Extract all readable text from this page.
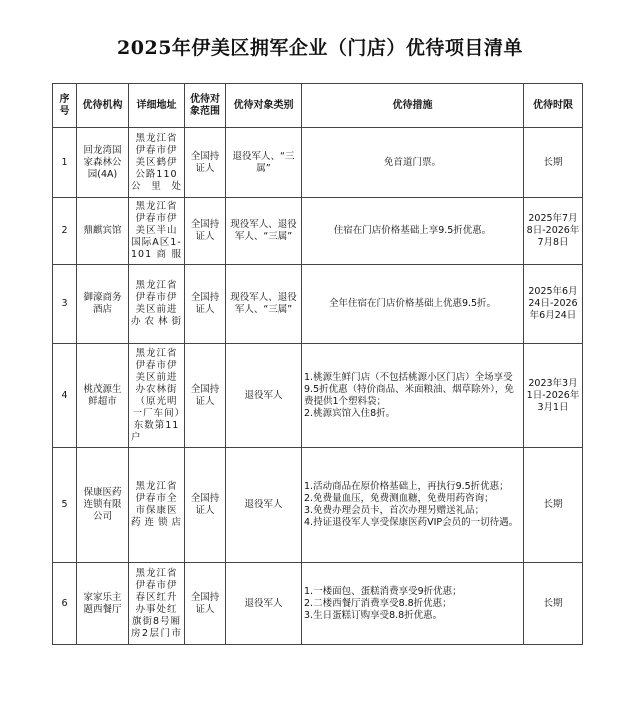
2025年伊美区拥军企业（门店）优待项目清单
序号	优待机构	详细地址	优待对象范围	优待对象类别	优待措施	优待时限
1	回龙湾国家森林公园(4A)	黑龙江省伊春市伊美区鹤伊公路110公里处	全国持证人	退役军人、“三属”	免首道门票。	长期
2	鼎麒宾馆	黑龙江省伊春市伊美区半山国际A区1-101商服	全国持证人	现役军人、退役军人、“三属”	住宿在门店价格基础上享9.5折优惠。	2025年7月8日-2026年7月8日
3	御濠商务酒店	黑龙江省伊春市伊美区前进办农林街	全国持证人	现役军人、退役军人、“三属”	全年住宿在门店价格基础上优惠9.5折。	2025年6月24日-2026年6月24日
4	桃茂源生鲜超市	黑龙江省伊春市伊美区前进办农林街（原光明一厂车间）东数第11户	全国持证人	退役军人	1.桃源生鲜门店（不包括桃源小区门店）全场享受9.5折优惠（特价商品、米面粮油、烟草除外），免费提供1个塑料袋；
2.桃源宾馆入住8折。	2023年3月1日-2026年3月1日
5	保康医药连锁有限公司	黑龙江省伊春市全市保康医药连锁店	全国持证人	退役军人	1.活动商品在原价格基础上，再执行9.5折优惠；
2.免费量血压，免费测血糖，免费用药咨询；
3.免费办理会员卡，首次办理另赠送礼品；
4.持证退役军人享受保康医药VIP会员的一切待遇。	长期
6	家家乐主题西餐厅	黑龙江省伊春市伊春区红升办事处红旗街8号厢房2层门市	全国持证人	退役军人	1.一楼面包、蛋糕消费享受9折优惠；
2.二楼西餐厅消费享受8.8折优惠；
3.生日蛋糕订购享受8.8折优惠。	长期
